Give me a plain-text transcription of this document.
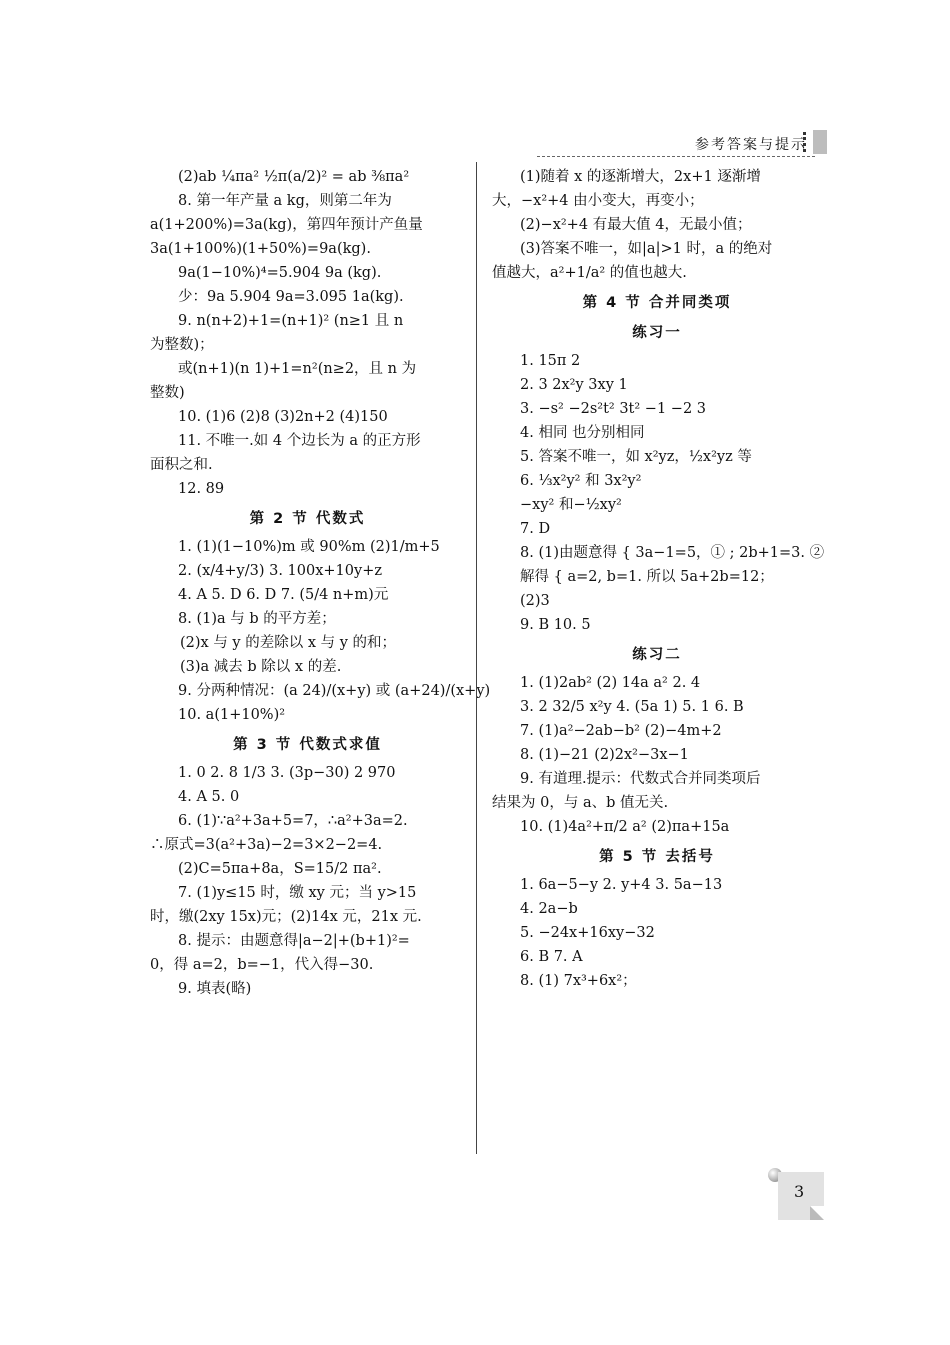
参考答案与提示
(2)ab ¼πa² ½π(a/2)² = ab ⅜πa²
8. 第一年产量 a kg，则第二年为
a(1+200%)=3a(kg)，第四年预计产鱼量
3a(1+100%)(1+50%)=9a(kg).
9a(1−10%)⁴=5.904 9a (kg).
少：9a 5.904 9a=3.095 1a(kg).
9. n(n+2)+1=(n+1)² (n≥1 且 n
为整数)；
或(n+1)(n 1)+1=n²(n≥2，且 n 为
整数)
10. (1)6 (2)8 (3)2n+2 (4)150
11. 不唯一.如 4 个边长为 a 的正方形
面积之和.
12. 89
第 2 节 代数式
1. (1)(1−10%)m 或 90%m (2)1/m+5
2. (x/4+y/3) 3. 100x+10y+z
4. A 5. D 6. D 7. (5/4 n+m)元
8. (1)a 与 b 的平方差；
(2)x 与 y 的差除以 x 与 y 的和；
(3)a 减去 b 除以 x 的差.
9. 分两种情况：(a 24)/(x+y) 或 (a+24)/(x+y)
10. a(1+10%)²
第 3 节 代数式求值
1. 0 2. 8 1/3 3. (3p−30) 2 970
4. A 5. 0
6. (1)∵a²+3a+5=7，∴a²+3a=2.
∴原式=3(a²+3a)−2=3×2−2=4.
(2)C=5πa+8a，S=15/2 πa².
7. (1)y≤15 时，缴 xy 元；当 y>15
时，缴(2xy 15x)元；(2)14x 元，21x 元.
8. 提示：由题意得|a−2|+(b+1)²=
0，得 a=2，b=−1，代入得−30.
9. 填表(略)
(1)随着 x 的逐渐增大，2x+1 逐渐增
大，−x²+4 由小变大，再变小；
(2)−x²+4 有最大值 4，无最小值；
(3)答案不唯一，如|a|>1 时，a 的绝对
值越大，a²+1/a² 的值也越大.
第 4 节 合并同类项
练习一
1. 15π 2
2. 3 2x²y 3xy 1
3. −s² −2s²t² 3t² −1 −2 3
4. 相同 也分别相同
5. 答案不唯一，如 x²yz，½x²yz 等
6. ⅓x²y² 和 3x²y²
−xy² 和−½xy²
7. D
8. (1)由题意得 { 3a−1=5，① ; 2b+1=3. ②
解得 { a=2, b=1. 所以 5a+2b=12；
(2)3
9. B 10. 5
练习二
1. (1)2ab² (2) 14a a² 2. 4
3. 2 32/5 x²y 4. (5a 1) 5. 1 6. B
7. (1)a²−2ab−b² (2)−4m+2
8. (1)−21 (2)2x²−3x−1
9. 有道理.提示：代数式合并同类项后
结果为 0，与 a、b 值无关.
10. (1)4a²+π/2 a² (2)πa+15a
第 5 节 去括号
1. 6a−5−y 2. y+4 3. 5a−13
4. 2a−b
5. −24x+16xy−32
6. B 7. A
8. (1) 7x³+6x²；
3
